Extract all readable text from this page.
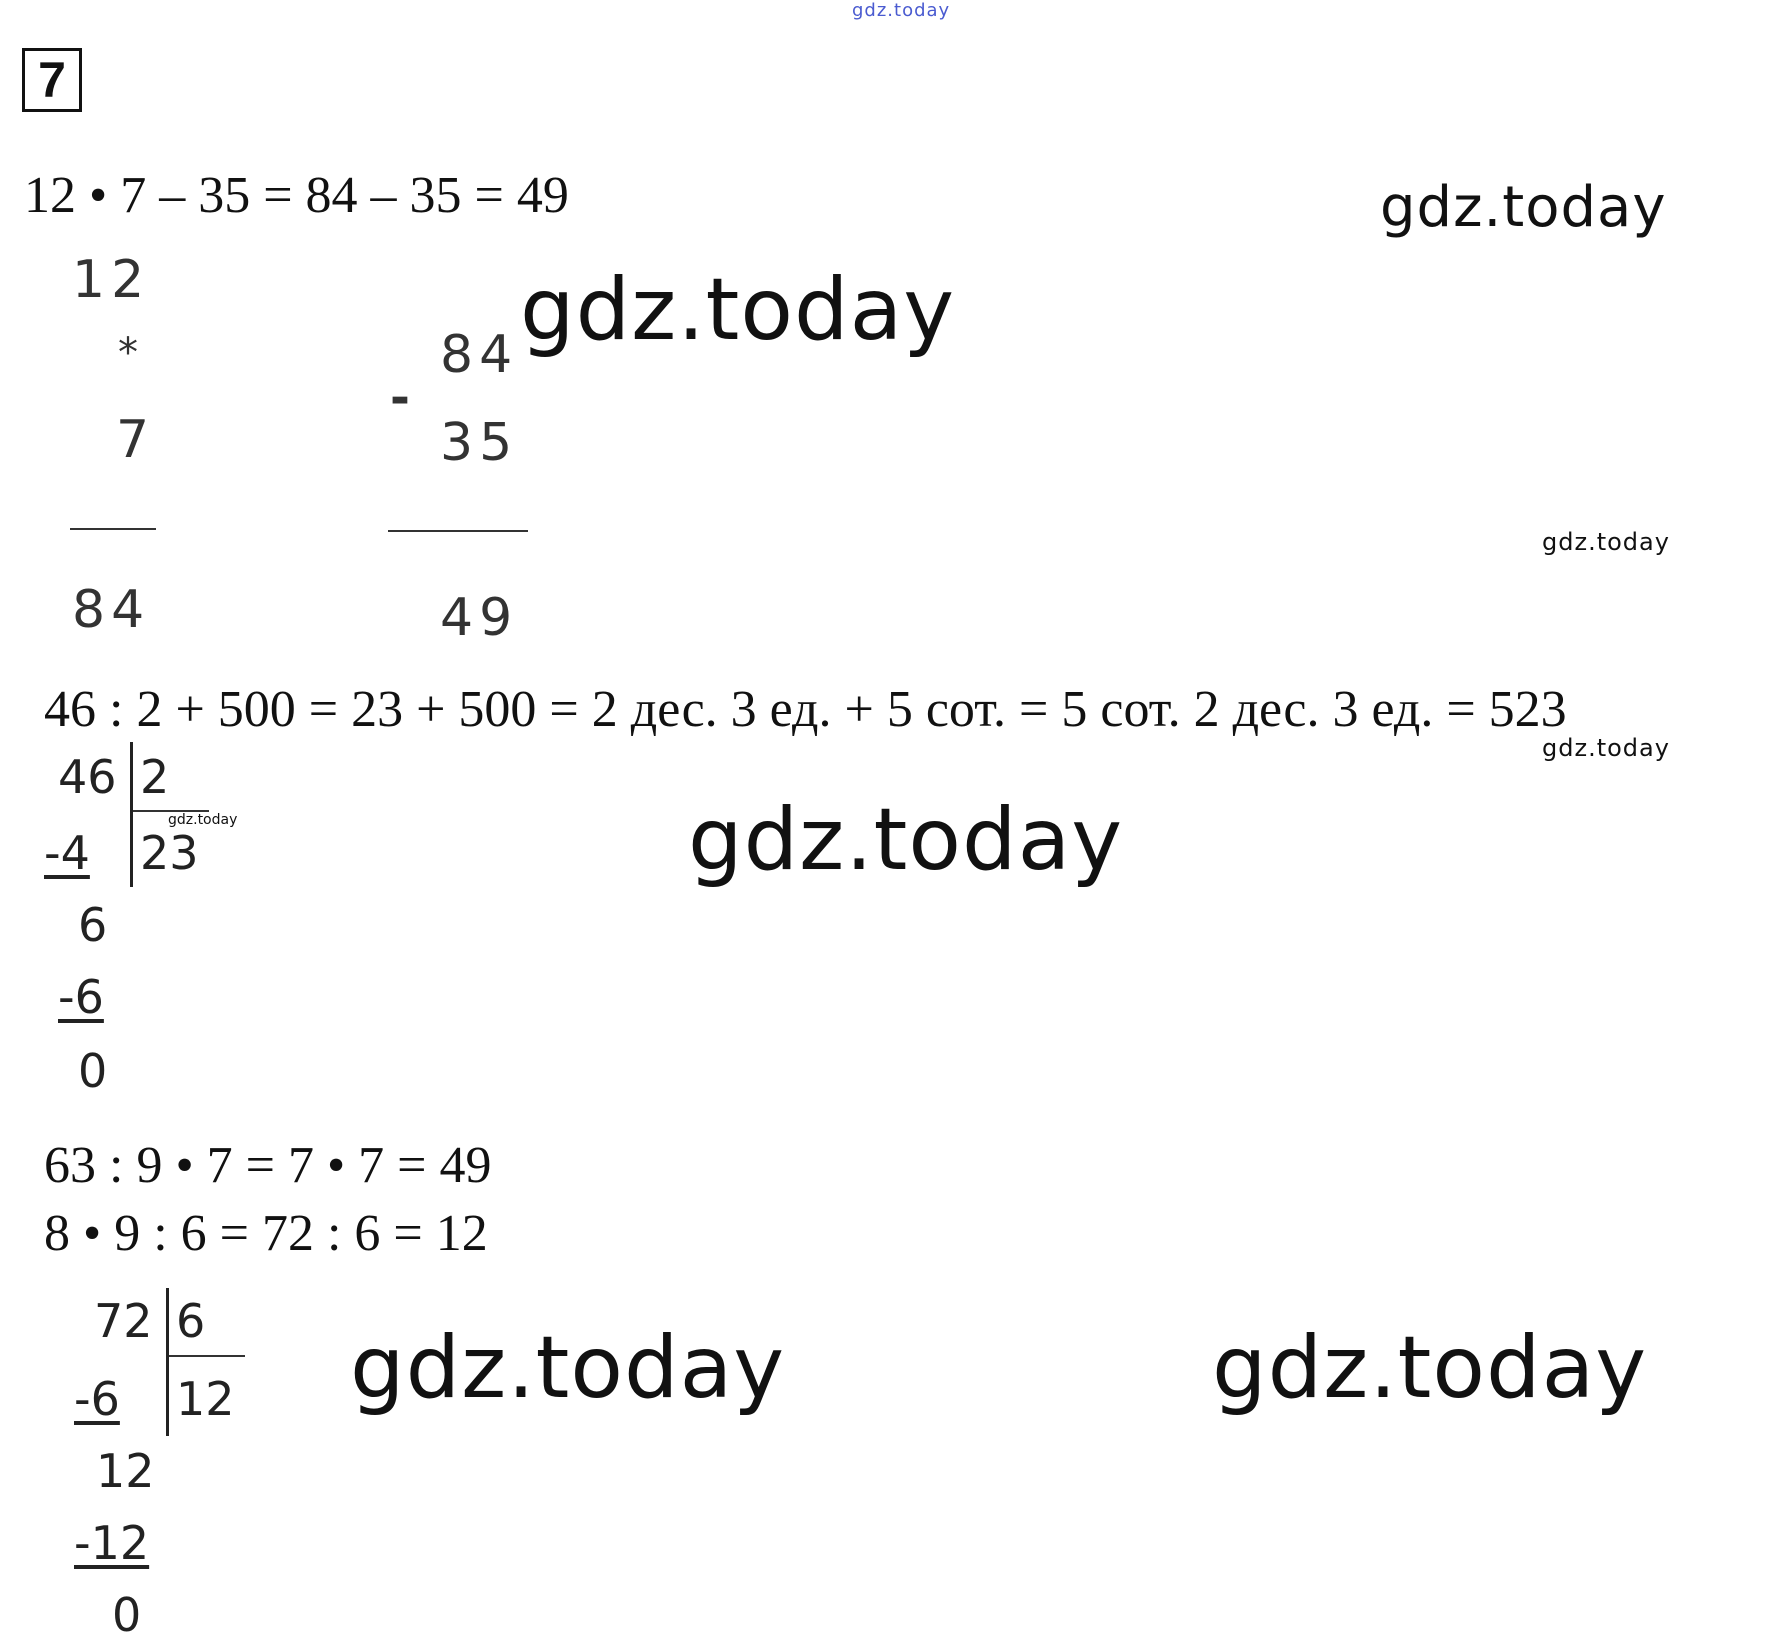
gdz.today
7
12 • 7 – 35 = 84 – 35 = 49	gdz.today
12
*
7
84
gdz.today
-
84
35
49
gdz.today
46 : 2 + 500 = 23 + 500 = 2 дес. 3 ед. + 5 сот. = 5 сот. 2 дес. 3 ед. = 523
gdz.today
46 2
23
-4
6
-6
0
gdz.today	gdz.today
63 : 9 • 7 = 7 • 7 = 49
8 • 9 : 6 = 72 : 6 = 12
72 6
12
-6
12
-12
0
gdz.today	gdz.today
